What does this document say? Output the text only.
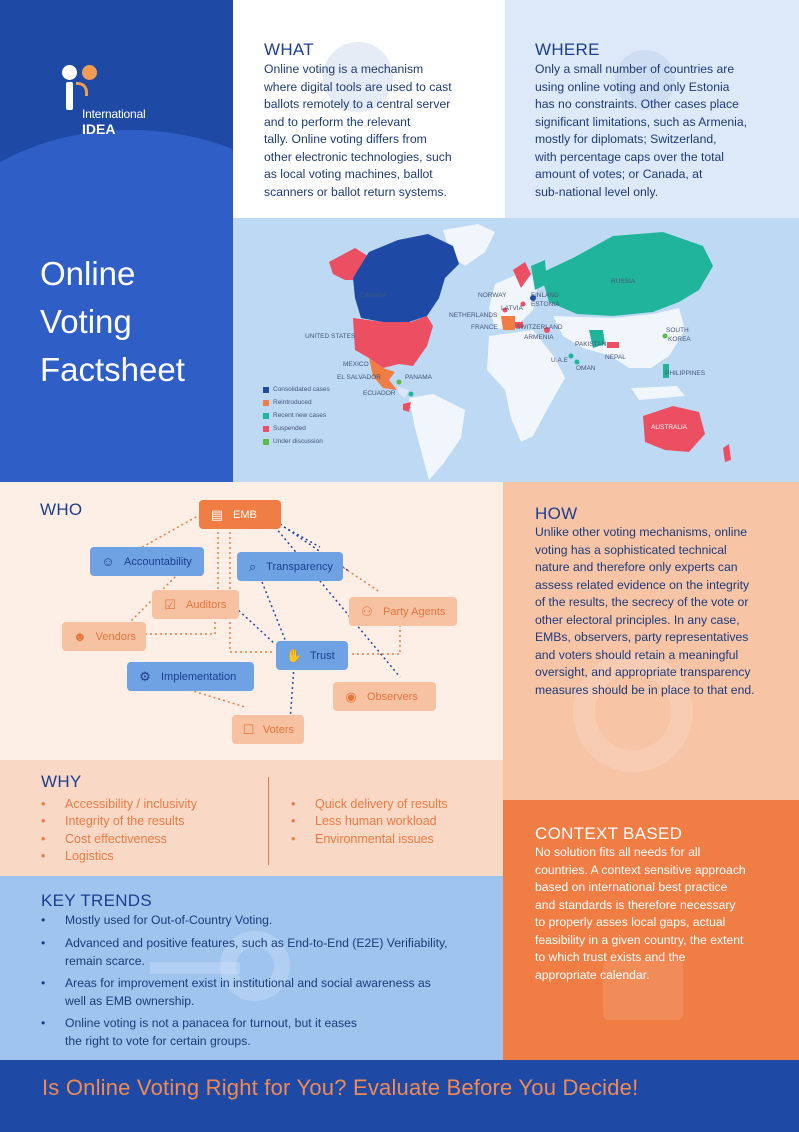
International
IDEA
Online
Voting
Factsheet
WHAT
Online voting is a mechanism
where digital tools are used to cast
ballots remotely to a central server
and to perform the relevant
tally. Online voting differs from
other electronic technologies, such
as local voting machines, ballot
scanners or ballot return systems.
WHERE
Only a small number of countries are
using online voting and only Estonia
has no constraints. Other cases place
significant limitations, such as Armenia,
mostly for diplomats; Switzerland,
with percentage caps over the total
amount of votes; or Canada, at
sub-national level only.
CANADA
UNITED STATES
MEXICO
EL SALVADOR	PANAMA
ECUADOR
NORWAY	FINLAND
ESTONIA
LATVIA
NETHERLANDS
FRANCE	SWITZERLAND
ARMENIA
RUSSIA
PAKISTAN
NEPAL
U.A.E
OMAN
SOUTH
KOREA
PHILIPPINES
AUSTRALIA
Consolidated cases
Reintroduced
Recent new cases
Suspended
Under discussion
WHO	▤ EMB
☺ Accountability	⌕ Transparency
☑ Auditors	⚇ Party Agents
☻ Vendors
✋ Trust
⚙ Implementation
◉ Observers
☐ Voters
HOW
Unlike other voting mechanisms, online
voting has a sophisticated technical
nature and therefore only experts can
assess related evidence on the integrity
of the results, the secrecy of the vote or
other electoral principles. In any case,
EMBs, observers, party representatives
and voters should retain a meaningful
oversight, and appropriate transparency
measures should be in place to that end.
WHY
• Accessibility / inclusivity
• Integrity of the results
• Cost effectiveness
• Logistics
• Quick delivery of results
• Less human workload
• Environmental issues
KEY TRENDS
• Mostly used for Out-of-Country Voting.
• Advanced and positive features, such as End-to-End (E2E) Verifiability,
remain scarce.
• Areas for improvement exist in institutional and social awareness as
well as EMB ownership.
• Online voting is not a panacea for turnout, but it eases
the right to vote for certain groups.
CONTEXT BASED
No solution fits all needs for all
countries. A context sensitive approach
based on international best practice
and standards is therefore necessary
to properly asses local gaps, actual
feasibility in a given country, the extent
to which trust exists and the
appropriate calendar.
Is Online Voting Right for You? Evaluate Before You Decide!
